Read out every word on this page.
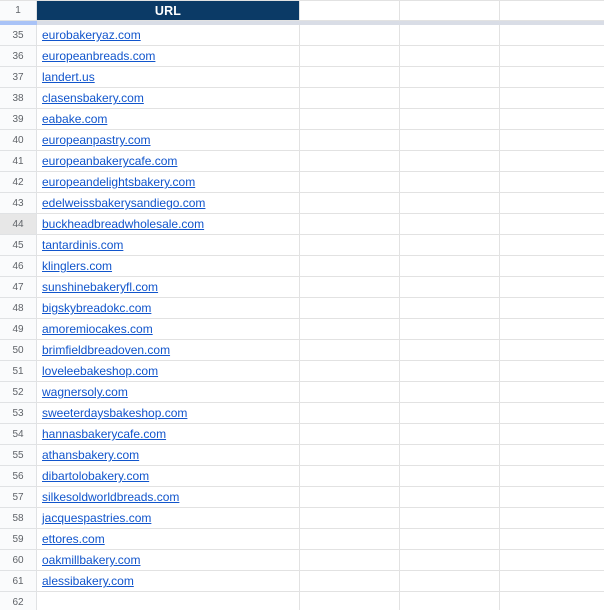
1	URL
35	eurobakeryaz.com
36	europeanbreads.com
37	landert.us
38	clasensbakery.com
39	eabake.com
40	europeanpastry.com
41	europeanbakerycafe.com
42	europeandelightsbakery.com
43	edelweissbakerysandiego.com
44	buckheadbreadwholesale.com
45	tantardinis.com
46	klinglers.com
47	sunshinebakeryfl.com
48	bigskybreadokc.com
49	amoremiocakes.com
50	brimfieldbreadoven.com
51	loveleebakeshop.com
52	wagnersoly.com
53	sweeterdaysbakeshop.com
54	hannasbakerycafe.com
55	athansbakery.com
56	dibartolobakery.com
57	silkesoldworldbreads.com
58	jacquespastries.com
59	ettores.com
60	oakmillbakery.com
61	alessibakery.com
62
